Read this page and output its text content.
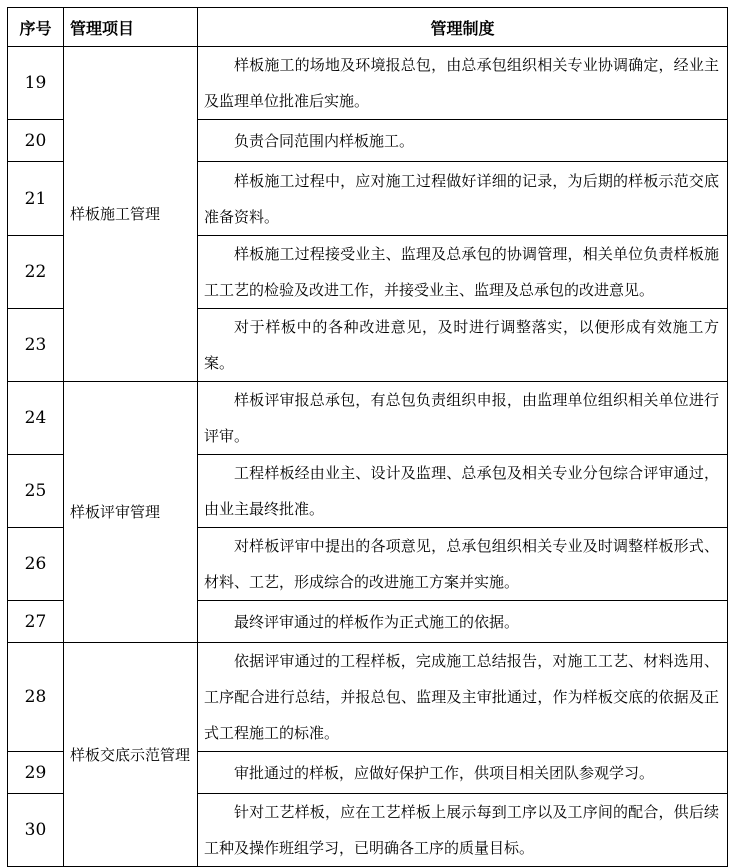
序号	管理项目	管理制度
19	样板施工管理	样板施工的场地及环境报总包，由总承包组织相关专业协调确定，经业主及监理单位批准后实施。

20		负责合同范围内样板施工。

21		样板施工过程中，应对施工过程做好详细的记录，为后期的样板示范交底准备资料。

22		样板施工过程接受业主、监理及总承包的协调管理，相关单位负责样板施工工艺的检验及改进工作，并接受业主、监理及总承包的改进意见。

23		对于样板中的各种改进意见，及时进行调整落实，以便形成有效施工方案。

24	样板评审管理	样板评审报总承包，有总包负责组织申报，由监理单位组织相关单位进行评审。

25		工程样板经由业主、设计及监理、总承包及相关专业分包综合评审通过，由业主最终批准。

26		对样板评审中提出的各项意见，总承包组织相关专业及时调整样板形式、材料、工艺，形成综合的改进施工方案并实施。

27		最终评审通过的样板作为正式施工的依据。

28	样板交底示范管理	依据评审通过的工程样板，完成施工总结报告，对施工工艺、材料选用、工序配合进行总结，并报总包、监理及主审批通过，作为样板交底的依据及正式工程施工的标准。

29		审批通过的样板，应做好保护工作，供项目相关团队参观学习。

30		针对工艺样板，应在工艺样板上展示每到工序以及工序间的配合，供后续工种及操作班组学习，已明确各工序的质量目标。
